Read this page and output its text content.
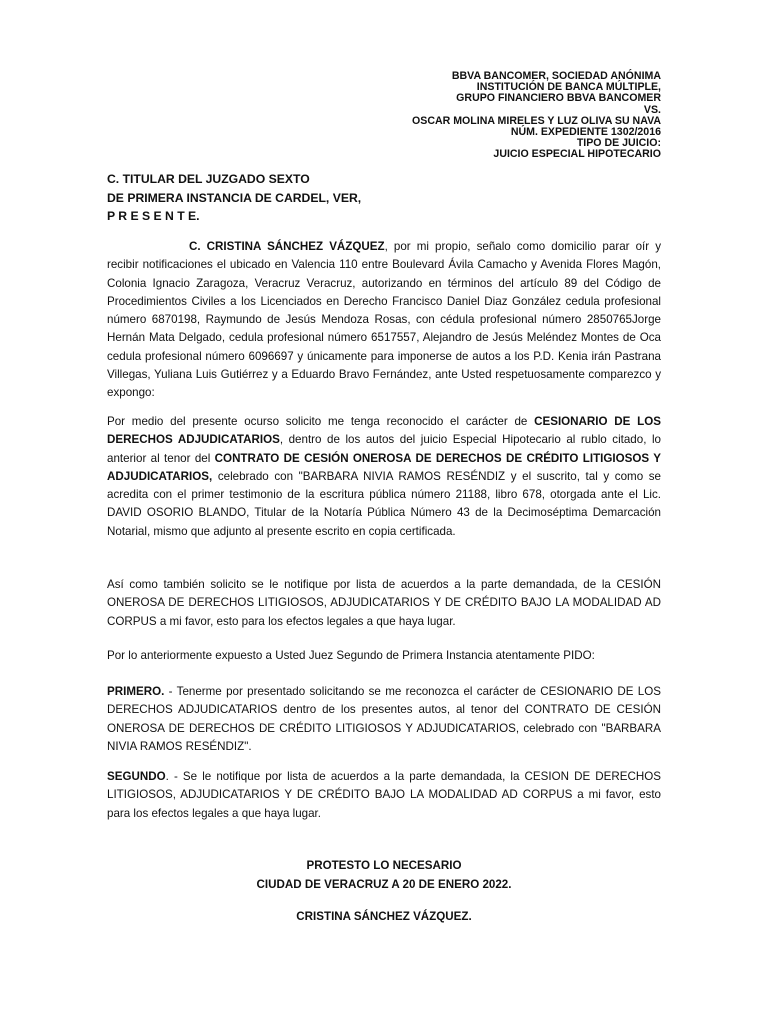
BBVA BANCOMER, SOCIEDAD ANÓNIMA
INSTITUCIÓN DE BANCA MÚLTIPLE,
GRUPO FINANCIERO BBVA BANCOMER
VS.
OSCAR MOLINA MIRELES Y LUZ OLIVA SU NAVA
NÚM. EXPEDIENTE 1302/2016
TIPO DE JUICIO:
JUICIO ESPECIAL HIPOTECARIO
C. TITULAR DEL JUZGADO SEXTO
DE PRIMERA INSTANCIA DE CARDEL, VER,
P R E S E N T E.
C. CRISTINA SÁNCHEZ VÁZQUEZ, por mi propio, señalo como domicilio parar oír y recibir notificaciones el ubicado en Valencia 110 entre Boulevard Ávila Camacho y Avenida Flores Magón, Colonia Ignacio Zaragoza, Veracruz Veracruz, autorizando en términos del artículo 89 del Código de Procedimientos Civiles a los Licenciados en Derecho Francisco Daniel Diaz González cedula profesional número 6870198, Raymundo de Jesús Mendoza Rosas, con cédula profesional número 2850765Jorge Hernán Mata Delgado, cedula profesional número 6517557, Alejandro de Jesús Meléndez Montes de Oca cedula profesional número 6096697 y únicamente para imponerse de autos a los P.D. Kenia irán Pastrana Villegas, Yuliana Luis Gutiérrez y a Eduardo Bravo Fernández, ante Usted respetuosamente comparezco y expongo:
Por medio del presente ocurso solicito me tenga reconocido el carácter de CESIONARIO DE LOS DERECHOS ADJUDICATARIOS, dentro de los autos del juicio Especial Hipotecario al rublo citado, lo anterior al tenor del CONTRATO DE CESIÓN ONEROSA DE DERECHOS DE CRÉDITO LITIGIOSOS Y ADJUDICATARIOS, celebrado con "BARBARA NIVIA RAMOS RESÉNDIZ y el suscrito, tal y como se acredita con el primer testimonio de la escritura pública número 21188, libro 678, otorgada ante el Lic. DAVID OSORIO BLANDO, Titular de la Notaría Pública Número 43 de la Decimoséptima Demarcación Notarial, mismo que adjunto al presente escrito en copia certificada.
Así como también solicito se le notifique por lista de acuerdos a la parte demandada, de la CESIÓN ONEROSA DE DERECHOS LITIGIOSOS, ADJUDICATARIOS Y DE CRÉDITO BAJO LA MODALIDAD AD CORPUS a mi favor, esto para los efectos legales a que haya lugar.
Por lo anteriormente expuesto a Usted Juez Segundo de Primera Instancia atentamente PIDO:
PRIMERO. - Tenerme por presentado solicitando se me reconozca el carácter de CESIONARIO DE LOS DERECHOS ADJUDICATARIOS dentro de los presentes autos, al tenor del CONTRATO DE CESIÓN ONEROSA DE DERECHOS DE CRÉDITO LITIGIOSOS Y ADJUDICATARIOS, celebrado con "BARBARA NIVIA RAMOS RESÉNDIZ".
SEGUNDO. - Se le notifique por lista de acuerdos a la parte demandada, la CESION DE DERECHOS LITIGIOSOS, ADJUDICATARIOS Y DE CRÉDITO BAJO LA MODALIDAD AD CORPUS a mi favor, esto para los efectos legales a que haya lugar.
PROTESTO LO NECESARIO
CIUDAD DE VERACRUZ A 20 DE ENERO 2022.
CRISTINA SÁNCHEZ VÁZQUEZ.
